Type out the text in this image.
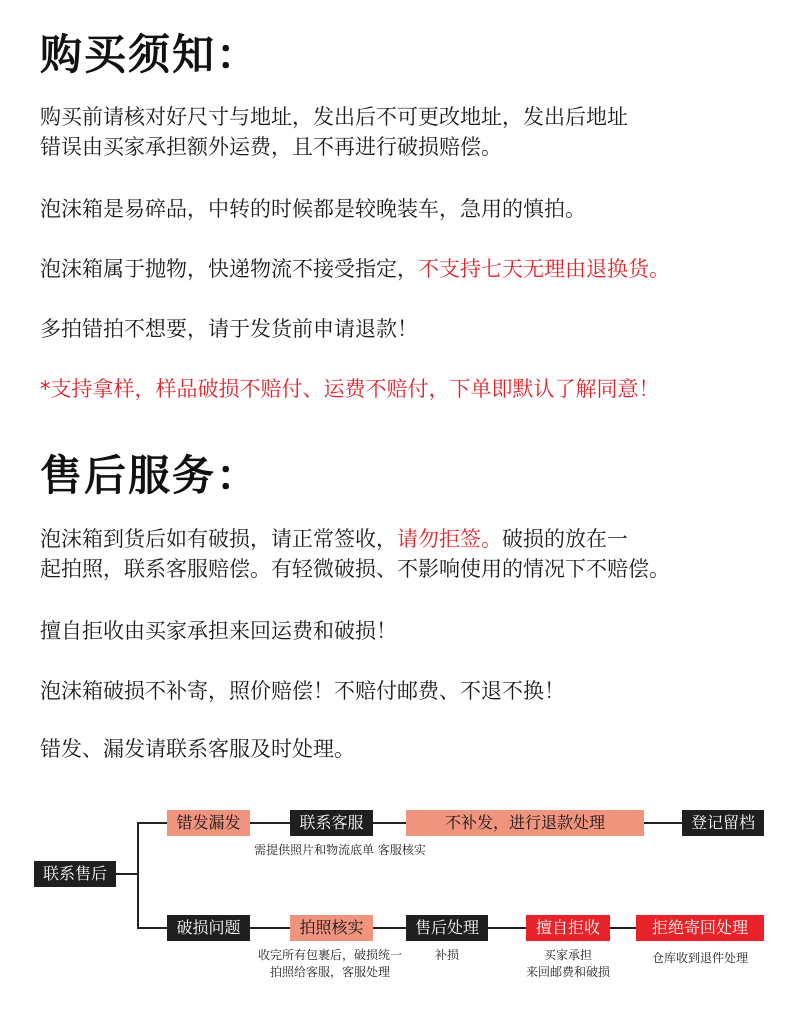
购买须知：

购买前请核对好尺寸与地址，发出后不可更改地址，发出后地址
错误由买家承担额外运费，且不再进行破损赔偿。

泡沫箱是易碎品，中转的时候都是较晚装车，急用的慎拍。

泡沫箱属于抛物，快递物流不接受指定，不支持七天无理由退换货。

多拍错拍不想要，请于发货前申请退款！

*支持拿样，样品破损不赔付、运费不赔付，下单即默认了解同意！

售后服务：

泡沫箱到货后如有破损，请正常签收，请勿拒签。破损的放在一
起拍照，联系客服赔偿。有轻微破损、不影响使用的情况下不赔偿。

擅自拒收由买家承担来回运费和破损！

泡沫箱破损不补寄，照价赔偿！不赔付邮费、不退不换！

错发、漏发请联系客服及时处理。

联系售后
错发漏发	联系客服	不补发，进行退款处理	登记留档
需提供照片和物流底单 客服核实
破损问题	拍照核实	售后处理	擅自拒收	拒绝寄回处理
收完所有包裹后，破损统一
拍照给客服，客服处理
补损	买家承担
来回邮费和破损
仓库收到退件处理
